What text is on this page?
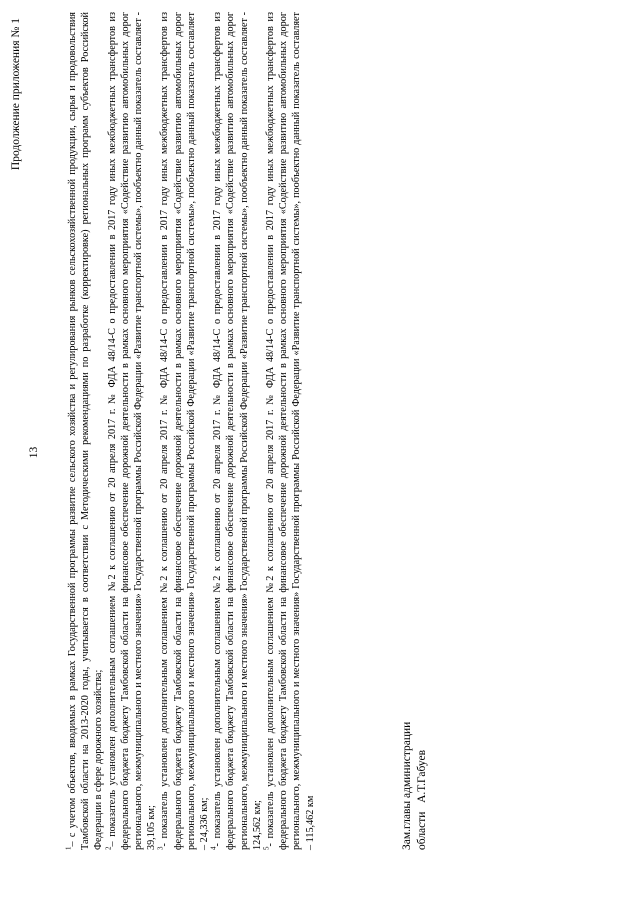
Продолжение приложения № 1
13

$^1$– с учетом объектов, вводимых в рамках Государственной программы развитие сельского хозяйства и регулирования рынков сельскохозяйственной продукции, сырья и продовольствия Тамбовской области на 2013-2020 годы, учитывается в соответствии с Методическими рекомендациями по разработке (корректировке) региональных программ субъектов Российской Федерации в сфере дорожного хозяйства; $^2$– показатель установлен дополнительным соглашением №2 к соглашению от 20 апреля 2017 г. № ФДА 48/14-С о предоставлении в 2017 году иных межбюджетных трансфертов из федерального бюджета бюджету Тамбовской области на финансовое обеспечение дорожной деятельности в рамках основного мероприятия «Содействие развитию автомобильных дорог регионального, межмуниципального и местного значения» Государственной программы Российской Федерации «Развитие транспортной системы», пообъектно данный показатель составляет - 39,105 км; $^3$- показатель установлен дополнительным соглашением №2 к соглашению от 20 апреля 2017 г. № ФДА 48/14-С о предоставлении в 2017 году иных межбюджетных трансфертов из федерального бюджета бюджету Тамбовской области на финансовое обеспечение дорожной деятельности в рамках основного мероприятия «Содействие развитию автомобильных дорог регионального, межмуниципального и местного значения» Государственной программы Российской Федерации «Развитие транспортной системы», пообъектно данный показатель составляет – 24,336 км; $^4$- показатель установлен дополнительным соглашением №2 к соглашению от 20 апреля 2017 г. № ФДА 48/14-С о предоставлении в 2017 году иных межбюджетных трансфертов из федерального бюджета бюджету Тамбовской области на финансовое обеспечение дорожной деятельности в рамках основного мероприятия «Содействие развитию автомобильных дорог регионального, межмуниципального и местного значения» Государственной программы Российской Федерации «Развитие транспортной системы», пообъектно данный показатель составляет - 124,562 км; $^5$- показатель установлен дополнительным соглашением №2 к соглашению от 20 апреля 2017 г. № ФДА 48/14-С о предоставлении в 2017 году иных межбюджетных трансфертов из федерального бюджета бюджету Тамбовской области на финансовое обеспечение дорожной деятельности в рамках основного мероприятия «Содействие развитию автомобильных дорог регионального, межмуниципального и местного значения» Государственной программы Российской Федерации «Развитие транспортной системы», пообъектно данный показатель составляет – 115,462 км	Зам.главы администрации области   А.Т.Габуев
